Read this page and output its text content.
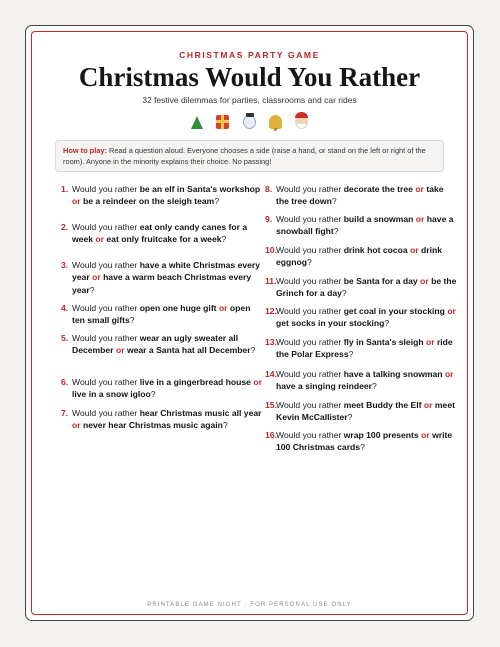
CHRISTMAS PARTY GAME
Christmas Would You Rather
32 festive dilemmas for parties, classrooms and car rides

How to play: Read a question aloud. Everyone chooses a side (raise a hand, or stand on the left or right of the room). Anyone in the minority explains their choice. No passing!
1. Would you rather be an elf in Santa's workshop or be a reindeer on the sleigh team?
2. Would you rather eat only candy canes for a week or eat only fruitcake for a week?
3. Would you rather have a white Christmas every year or have a warm beach Christmas every year?
4. Would you rather open one huge gift or open ten small gifts?
5. Would you rather wear an ugly sweater all December or wear a Santa hat all December?
6. Would you rather live in a gingerbread house or live in a snow igloo?
7. Would you rather hear Christmas music all year or never hear Christmas music again?
8. Would you rather decorate the tree or take the tree down?
9. Would you rather build a snowman or have a snowball fight?
10. Would you rather drink hot cocoa or drink eggnog?
11. Would you rather be Santa for a day or be the Grinch for a day?
12. Would you rather get coal in your stocking or get socks in your stocking?
13. Would you rather fly in Santa's sleigh or ride the Polar Express?
14. Would you rather have a talking snowman or have a singing reindeer?
15. Would you rather meet Buddy the Elf or meet Kevin McCallister?
16. Would you rather wrap 100 presents or write 100 Christmas cards?
PRINTABLE GAME NIGHT · FOR PERSONAL USE ONLY
